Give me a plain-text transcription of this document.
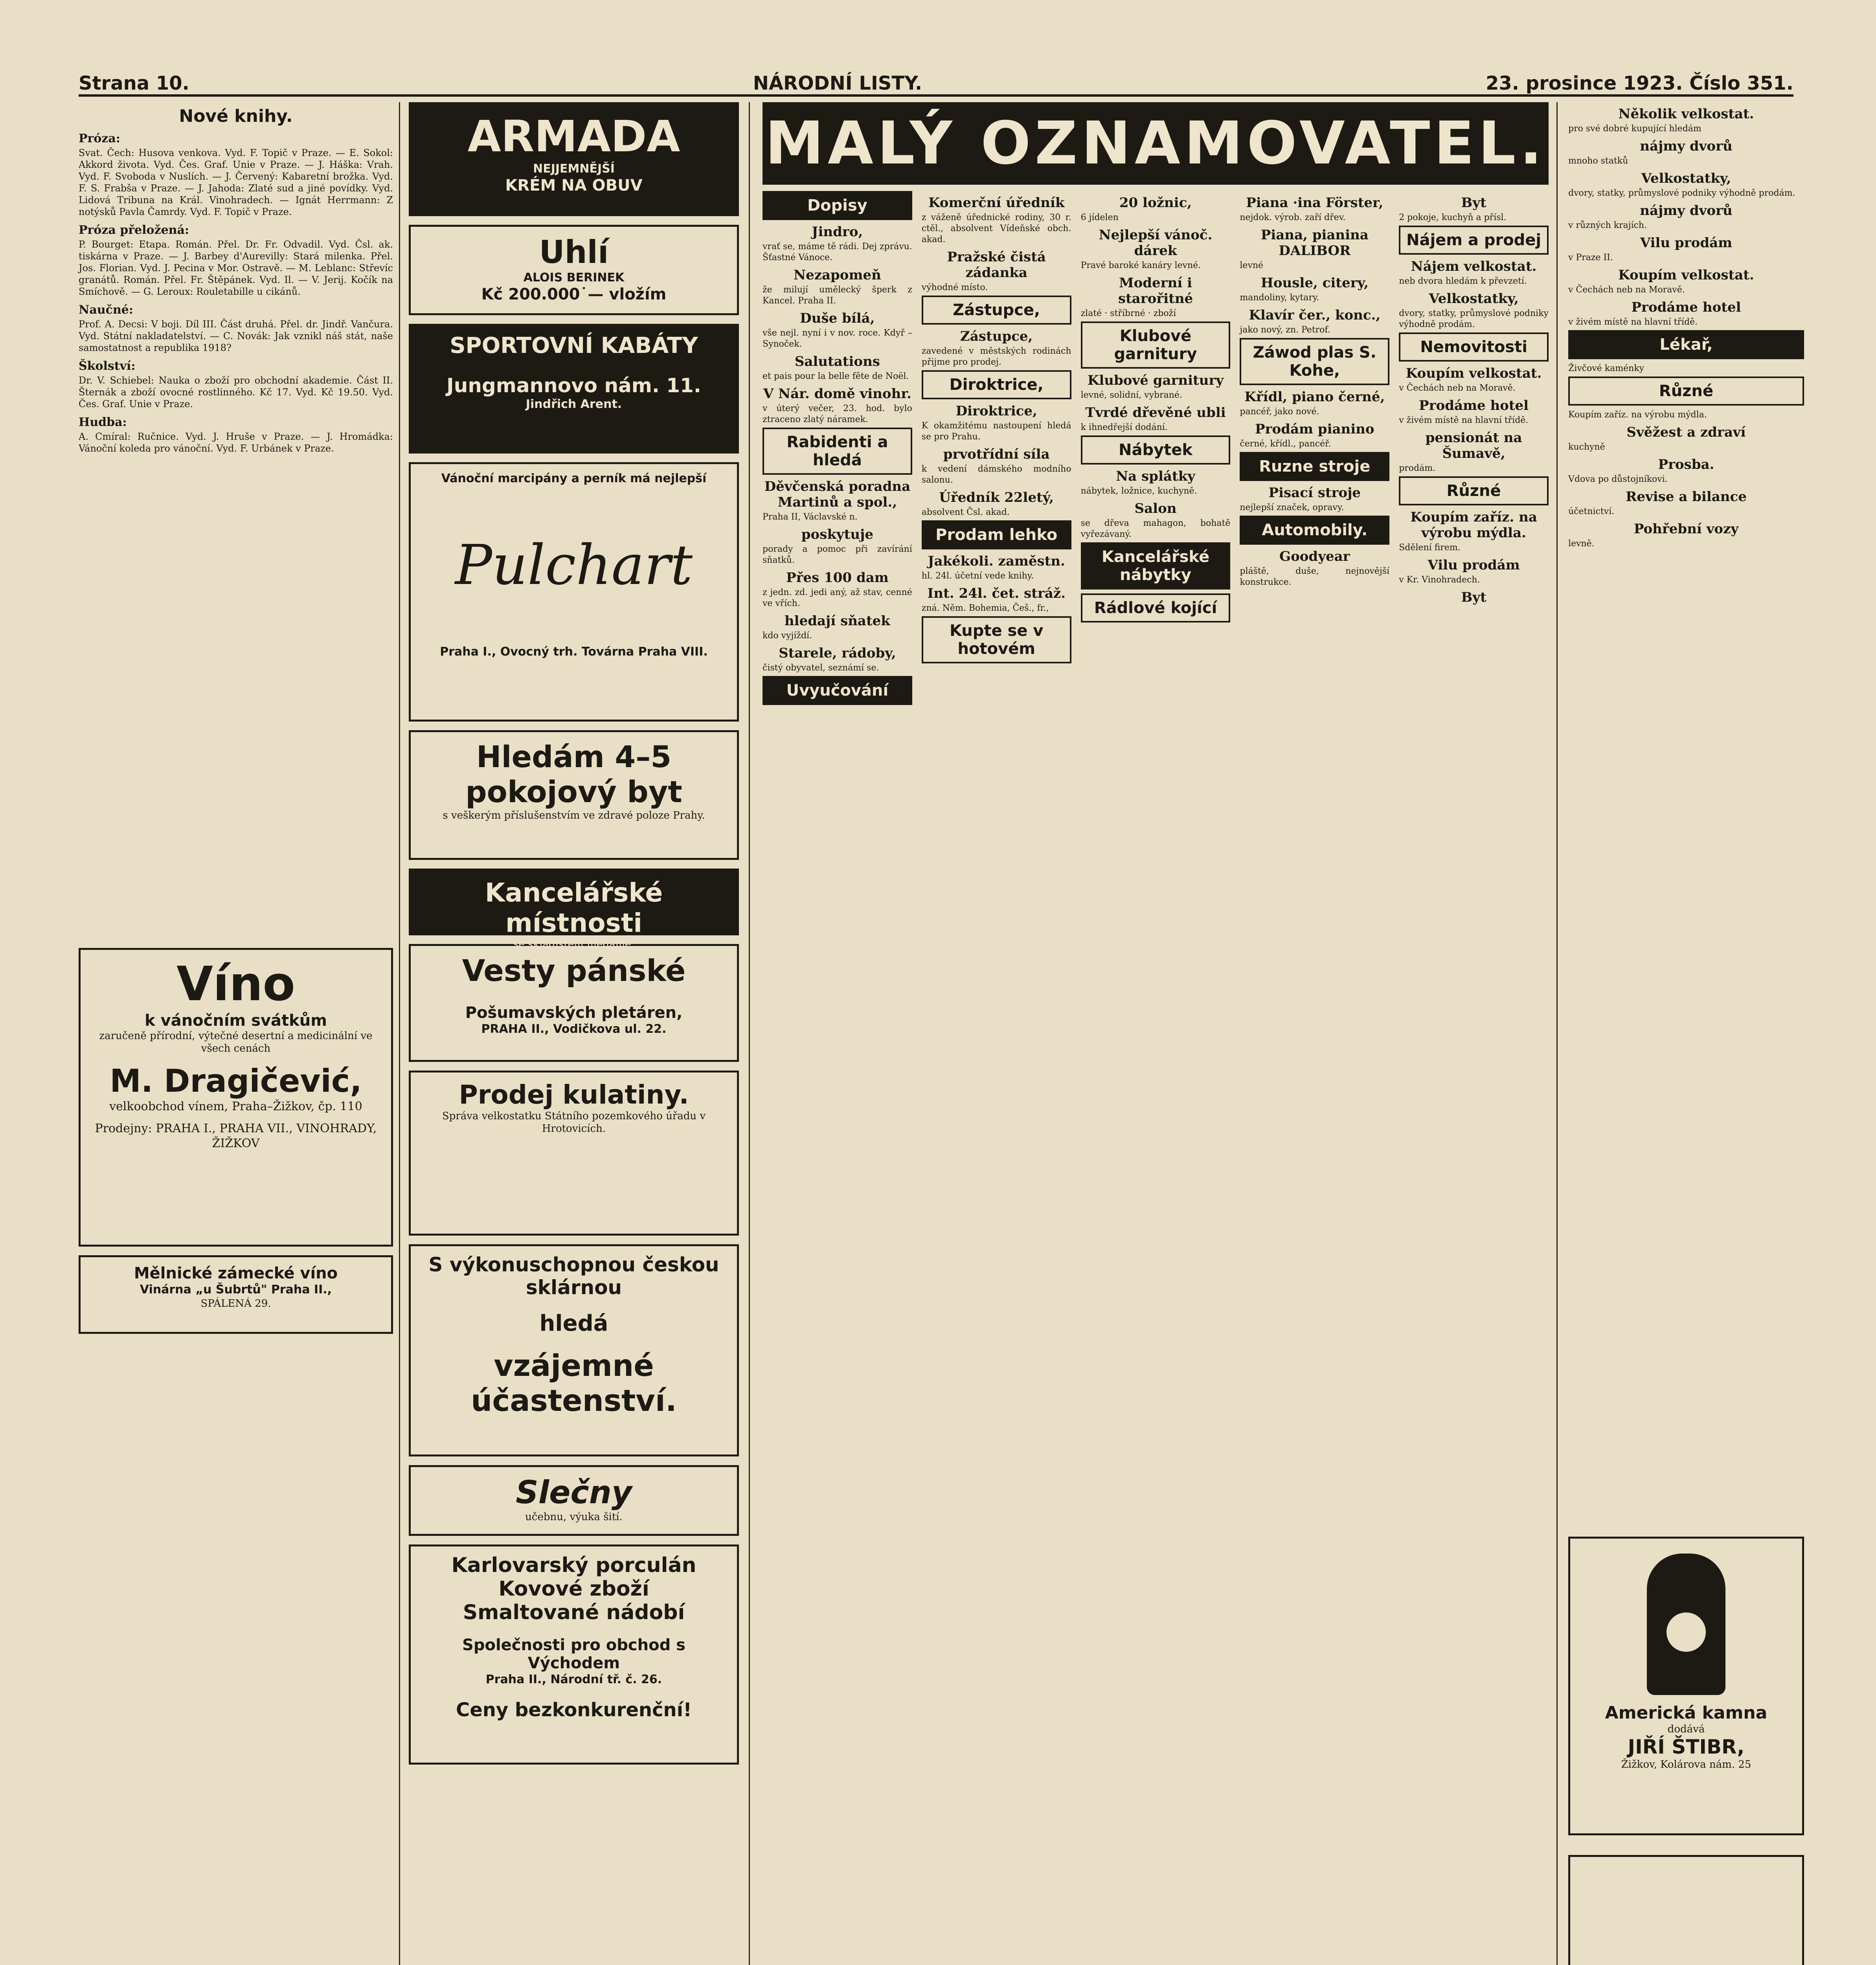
Strana 10.	NÁRODNÍ LISTY.	23. prosince 1923. Číslo 351.
Nové knihy.
Próza:

Svat. Čech: Husova venkova. Vyd. F. Topič v Praze. — E. Sokol: Akkord života. Vyd. Čes. Graf. Unie v Praze. — J. Háška: Vrah. Vyd. F. Svoboda v Nuslích. — J. Červený: Kabaretní brožka. Vyd. F. S. Frabša v Praze. — J. Jahoda: Zlaté sud a jiné povídky. Vyd. Lidová Tribuna na Král. Vinohradech. — Ignát Herrmann: Z notýsků Pavla Čamrdy. Vyd. F. Topič v Praze.

Próza přeložená:

P. Bourget: Etapa. Román. Přel. Dr. Fr. Odvadil. Vyd. Čsl. ak. tiskárna v Praze. — J. Barbey d'Aurevilly: Stará milenka. Přel. Jos. Florian. Vyd. J. Pecina v Mor. Ostravě. — M. Leblanc: Střevíc granátů. Román. Přel. Fr. Štěpánek. Vyd. Il. — V. Jerij. Kočík na Smíchově. — G. Leroux: Rouletabille u cikánů.

Naučné:

Prof. A. Decsi: V boji. Díl III. Část druhá. Přel. dr. Jindř. Vančura. Vyd. Státní nakladatelství. — C. Novák: Jak vznikl náš stát, naše samostatnost a republika 1918?

Školství:

Dr. V. Schiebel: Nauka o zboží pro obchodní akademie. Část II. Šternák a zboží ovocné rostlinného. Kč 17. Vyd. Kč 19.50. Vyd. Čes. Graf. Unie v Praze.

Hudba:

A. Cmíral: Ručnice. Vyd. J. Hruše v Praze. — J. Hromádka: Vánoční koleda pro vánoční. Vyd. F. Urbánek v Praze.

Víno
k vánočním svátkům
zaručeně přírodní, výtečné desertní a medicinální ve všech cenách
M. Dragičević,
velkoobchod vínem, Praha–Žižkov, čp. 110
Prodejny: PRAHA I., PRAHA VII., VINOHRADY, ŽIŽKOV
Mělnické zámecké víno
Vinárna „u Šubrtů" Praha II.,
SPÁLENÁ 29.
ARMADA
NEJJEMNĚJŠÍ
KRÉM NA OBUV
Uhlí
ALOIS BERINEK
Kč 200.000˙— vložím
SPORTOVNÍ KABÁTY
Jungmannovo nám. 11.
Jindřich Arent.
Vánoční marcipány a perník má nejlepší
Pulchart
Praha I., Ovocný trh. Továrna Praha VIII.
Hledám 4–5 pokojový byt
s veškerým příslušenstvím ve zdravé poloze Prahy.
Kancelářské místnosti
se skladištěm hledáme.
Vesty pánské
Pošumavských pletáren,
PRAHA II., Vodičkova ul. 22.
Prodej kulatiny.
Správa velkostatku Státního pozemkového úřadu v Hrotovicích.
S výkonuschopnou českou sklárnou
hledá
vzájemné účastenství.
Slečny
učebnu, výuka šití.
Karlovarský porculán
Kovové zboží
Smaltované nádobí
Společnosti pro obchod s Východem
Praha II., Národní tř. č. 26.
Ceny bezkonkurenční!
MALÝ OZNAMOVATEL.
Dopisy
Jindro,

vrať se, máme tě rádi. Dej zprávu. Šťastné Vánoce.

Nezapomeň

že milují umělecký šperk z Kancel. Praha II.

Duše bílá,

vše nejl. nyní i v nov. roce. Kdyř – Synoček.

Salutations

et pais pour la belle fête de Noël.

V Nár. domě vinohr.

v úterý večer, 23. hod. bylo ztraceno zlatý náramek.

Rabidenti a hledá
Děvčenská poradna Martinů a spol.,

Praha II, Václavské n.

poskytuje

porady a pomoc při zavírání sňatků.

Přes 100 dam

z jedn. zd. jedi aný, až stav, cenné ve vřích.

hledají sňatek

kdo vyjíždí.

Starele, rádoby,

čistý obyvatel, seznámí se.

Uvyučování
Komerční úředník

z váženě úřednické rodiny, 30 r. ctěl., absolvent Vídeňské obch. akad.

Pražské čistá zádanka

výhodné místo.

Zástupce,
Zástupce,

zavedené v městských rodinách přijme pro prodej.

Diroktrice,
Diroktrice,

K okamžitému nastoupení hledá se pro Prahu.

prvotřídní síla

k vedení dámského modního salonu.

Úředník 22letý,

absolvent Čsl. akad.

Prodam lehko
Jakékoli. zaměstn.

hl. 24l. účetní vede knihy.

Int. 24l. čet. stráž.

zná. Něm. Bohemia, Češ., fr.,

Kupte se v hotovém
20 ložnic,

6 jídelen

Nejlepší vánoč. dárek

Pravé baroké kanáry levné.

Moderní i starořitné

zlaté · stříbrné · zboží

Klubové garnitury
Klubové garnitury

levné, solidní, vybrané.

Tvrdé dřevěné ubli

k ihnedřejší dodání.

Nábytek
Na splátky

nábytek, ložnice, kuchyně.

Salon

se dřeva mahagon, bohatě vyřezávaný.

Kancelářské nábytky
Rádlové kojící
Piana ·ina Förster,

nejdok. výrob. zaří dřev.

Piana, pianina DALIBOR

levné

Housle, citery,

mandoliny, kytary.

Klavír čer., konc.,

jako nový, zn. Petrof.

Záwod plas S. Kohe,
Křídl, piano černé,

pancéř, jako nové.

Prodám pianino

černé, křídl., pancéř.

Ruzne stroje
Pisací stroje

nejlepší značek, opravy.

Automobily.
Goodyear

pláště, duše, nejnovější konstrukce.

Byt

2 pokoje, kuchyň a přísl.

Nájem a prodej
Nájem velkostat.

neb dvora hledám k převzetí.

Velkostatky,

dvory, statky, průmyslové podniky výhodně prodám.

Nemovitosti
Koupím velkostat.

v Čechách neb na Moravě.

Prodáme hotel

v živém místě na hlavní třídě.

pensionát na Šumavě,

prodám.

Různé
Koupím zaříz. na výrobu mýdla.

Sdělení firem.

Vilu prodám

v Kr. Vinohradech.

Byt
Několik velkostat.

pro své dobré kupující hledám

nájmy dvorů

mnoho statků

Velkostatky,

dvory, statky, průmyslové podniky výhodně prodám.

nájmy dvorů

v různých krajích.

Vilu prodám

v Praze II.

Koupím velkostat.

v Čechách neb na Moravě.

Prodáme hotel

v živém místě na hlavní třídě.

Lékař,

Živčové kaménky

Různé

Koupím zaříz. na výrobu mýdla.

Svěžest a zdraví

kuchyně

Prosba.

Vdova po důstojníkovi.

Revise a bilance

účetnictví.

Pohřební vozy

levně.

Americká kamna
dodává
JIŘÍ ŠTIBR,
Žižkov, Kolárova nám. 25
